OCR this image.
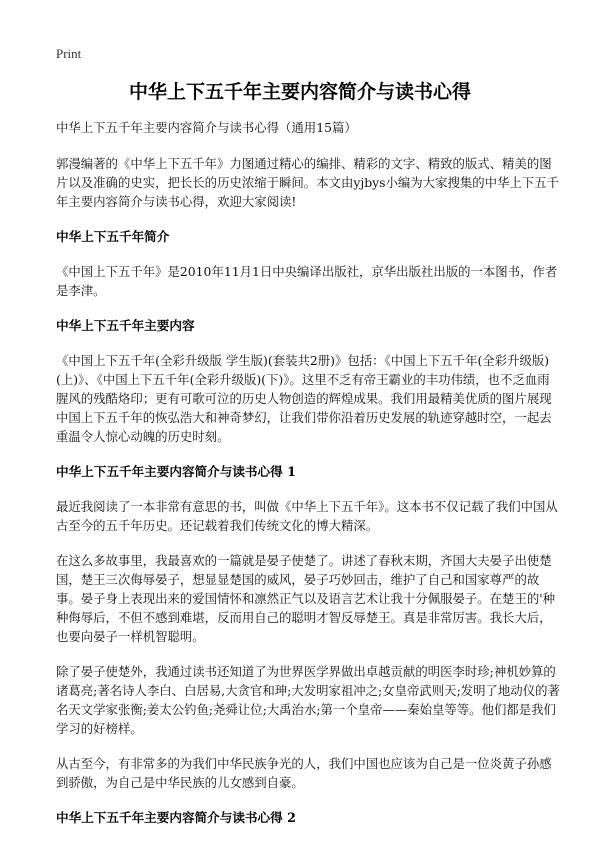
Print
中华上下五千年主要内容简介与读书心得

中华上下五千年主要内容简介与读书心得（通用15篇）

郭漫编著的《中华上下五千年》力图通过精心的编排、精彩的文字、精致的版式、精美的图片以及准确的史实，把长长的历史浓缩于瞬间。本文由yjbys小编为大家搜集的中华上下五千年主要内容简介与读书心得，欢迎大家阅读!

中华上下五千年简介

《中国上下五千年》是2010年11月1日中央编译出版社，京华出版社出版的一本图书，作者是李津。

中华上下五千年主要内容

《中国上下五千年(全彩升级版 学生版)(套装共2册)》包括：《中国上下五千年(全彩升级版)(上)》、《中国上下五千年(全彩升级版)(下)》。这里不乏有帝王霸业的丰功伟绩，也不乏血雨腥风的残酷烙印；更有可歌可泣的历史人物创造的辉煌成果。我们用最精美优质的图片展现中国上下五千年的恢弘浩大和神奇梦幻，让我们带你沿着历史发展的轨迹穿越时空，一起去重温令人惊心动魄的历史时刻。

中华上下五千年主要内容简介与读书心得 1

最近我阅读了一本非常有意思的书，叫做《中华上下五千年》。这本书不仅记载了我们中国从古至今的五千年历史。还记载着我们传统文化的博大精深。

在这么多故事里，我最喜欢的一篇就是晏子使楚了。讲述了春秋末期，齐国大夫晏子出使楚国，楚王三次侮辱晏子，想显显楚国的威风，晏子巧妙回击，维护了自己和国家尊严的故事。晏子身上表现出来的爱国情怀和凛然正气以及语言艺术让我十分佩服晏子。在楚王的'种种侮辱后，不但不感到难堪，反而用自己的聪明才智反辱楚王。真是非常厉害。我长大后，也要向晏子一样机智聪明。

除了晏子使楚外，我通过读书还知道了为世界医学界做出卓越贡献的明医李时珍;神机妙算的诸葛亮;著名诗人李白、白居易,大贪官和珅;大发明家祖冲之;女皇帝武则天;发明了地动仪的著名天文学家张衡;姜太公钓鱼;尧舜让位;大禹治水;第一个皇帝——秦始皇等等。他们都是我们学习的好榜样。

从古至今，有非常多的为我们中华民族争光的人，我们中国也应该为自己是一位炎黄子孙感到骄傲，为自己是中华民族的儿女感到自豪。

中华上下五千年主要内容简介与读书心得 2
